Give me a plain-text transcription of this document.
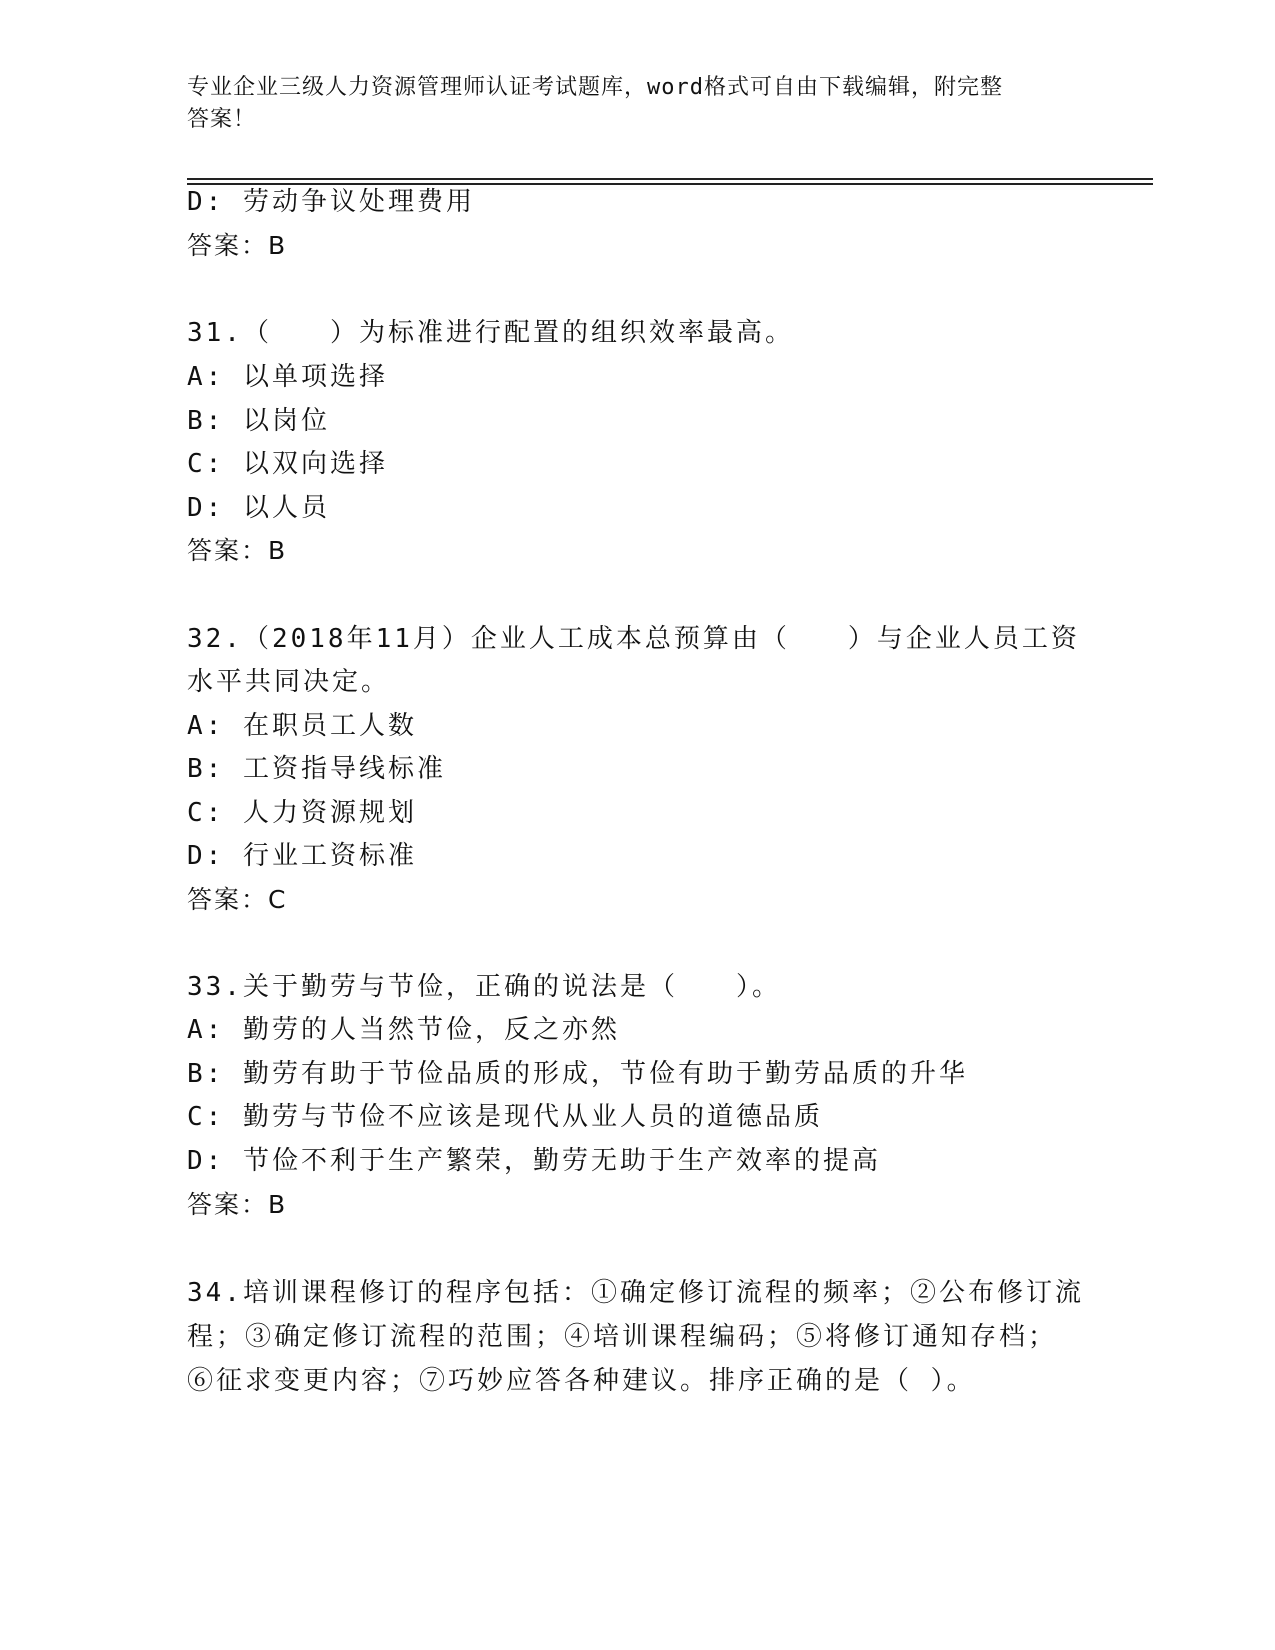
专业企业三级人力资源管理师认证考试题库，word格式可自由下载编辑，附完整
答案！
D: 劳动争议处理费用
答案：B
31.（　　）为标准进行配置的组织效率最高。
A: 以单项选择
B: 以岗位
C: 以双向选择
D: 以人员
答案：B
32.（2018年11月）企业人工成本总预算由（　　）与企业人员工资
水平共同决定。
A: 在职员工人数
B: 工资指导线标准
C: 人力资源规划
D: 行业工资标准
答案：C
33.关于勤劳与节俭，正确的说法是（　　）。
A: 勤劳的人当然节俭，反之亦然
B: 勤劳有助于节俭品质的形成，节俭有助于勤劳品质的升华
C: 勤劳与节俭不应该是现代从业人员的道德品质
D: 节俭不利于生产繁荣，勤劳无助于生产效率的提高
答案：B
34.培训课程修订的程序包括：①确定修订流程的频率；②公布修订流
程；③确定修订流程的范围；④培训课程编码；⑤将修订通知存档；
⑥征求变更内容；⑦巧妙应答各种建议。排序正确的是（ ）。
